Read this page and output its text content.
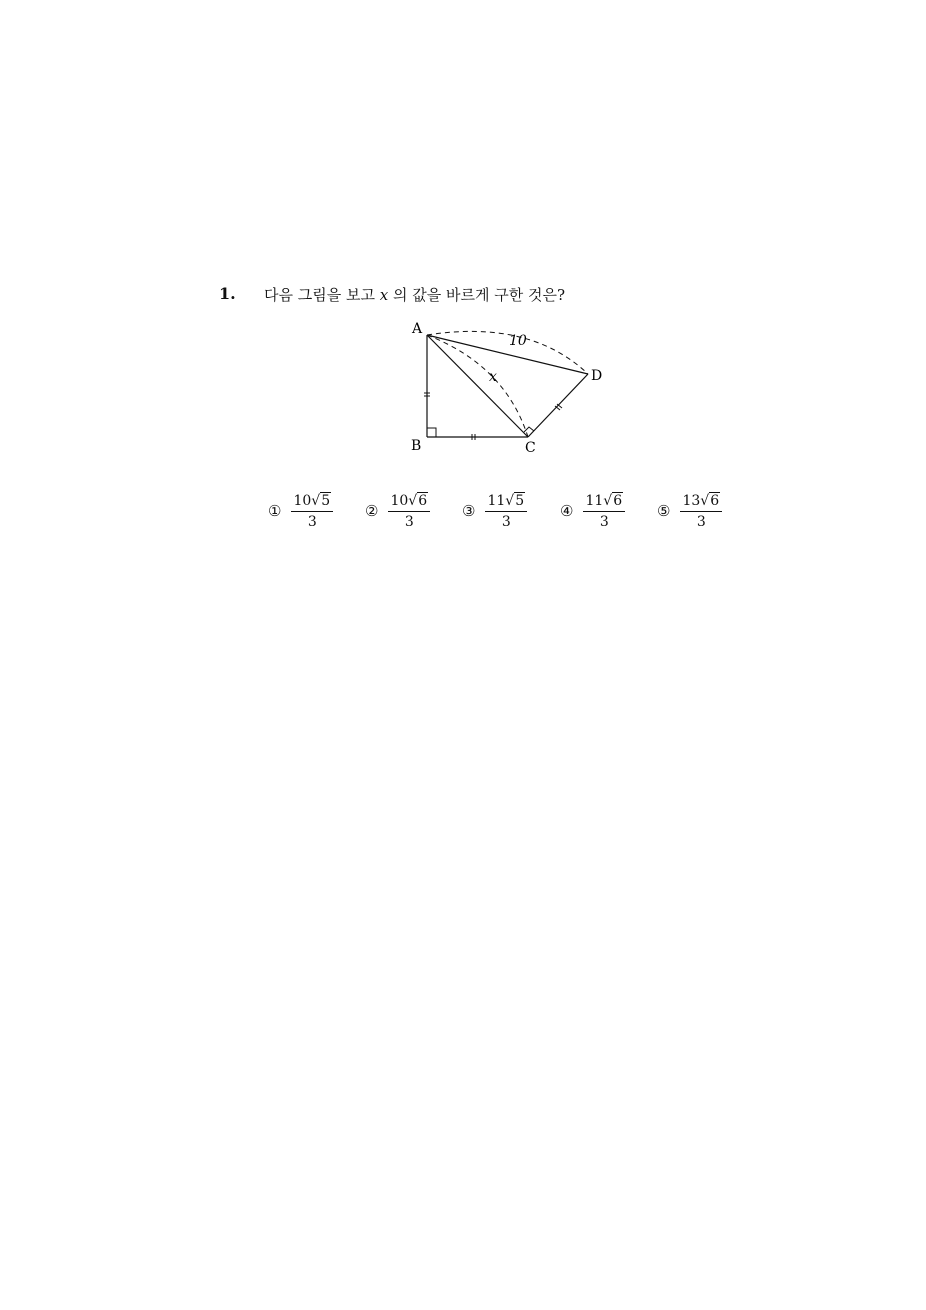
1. 다음 그림을 보고 x 의 값을 바르게 구한 것은?
A
B	C
D
10
x
① $\frac{10√5}{3}$ ② $\frac{10√6}{3}$ ③ $\frac{11√5}{3}$ ④ $\frac{11√6}{3}$ ⑤ $\frac{13√6}{3}$
